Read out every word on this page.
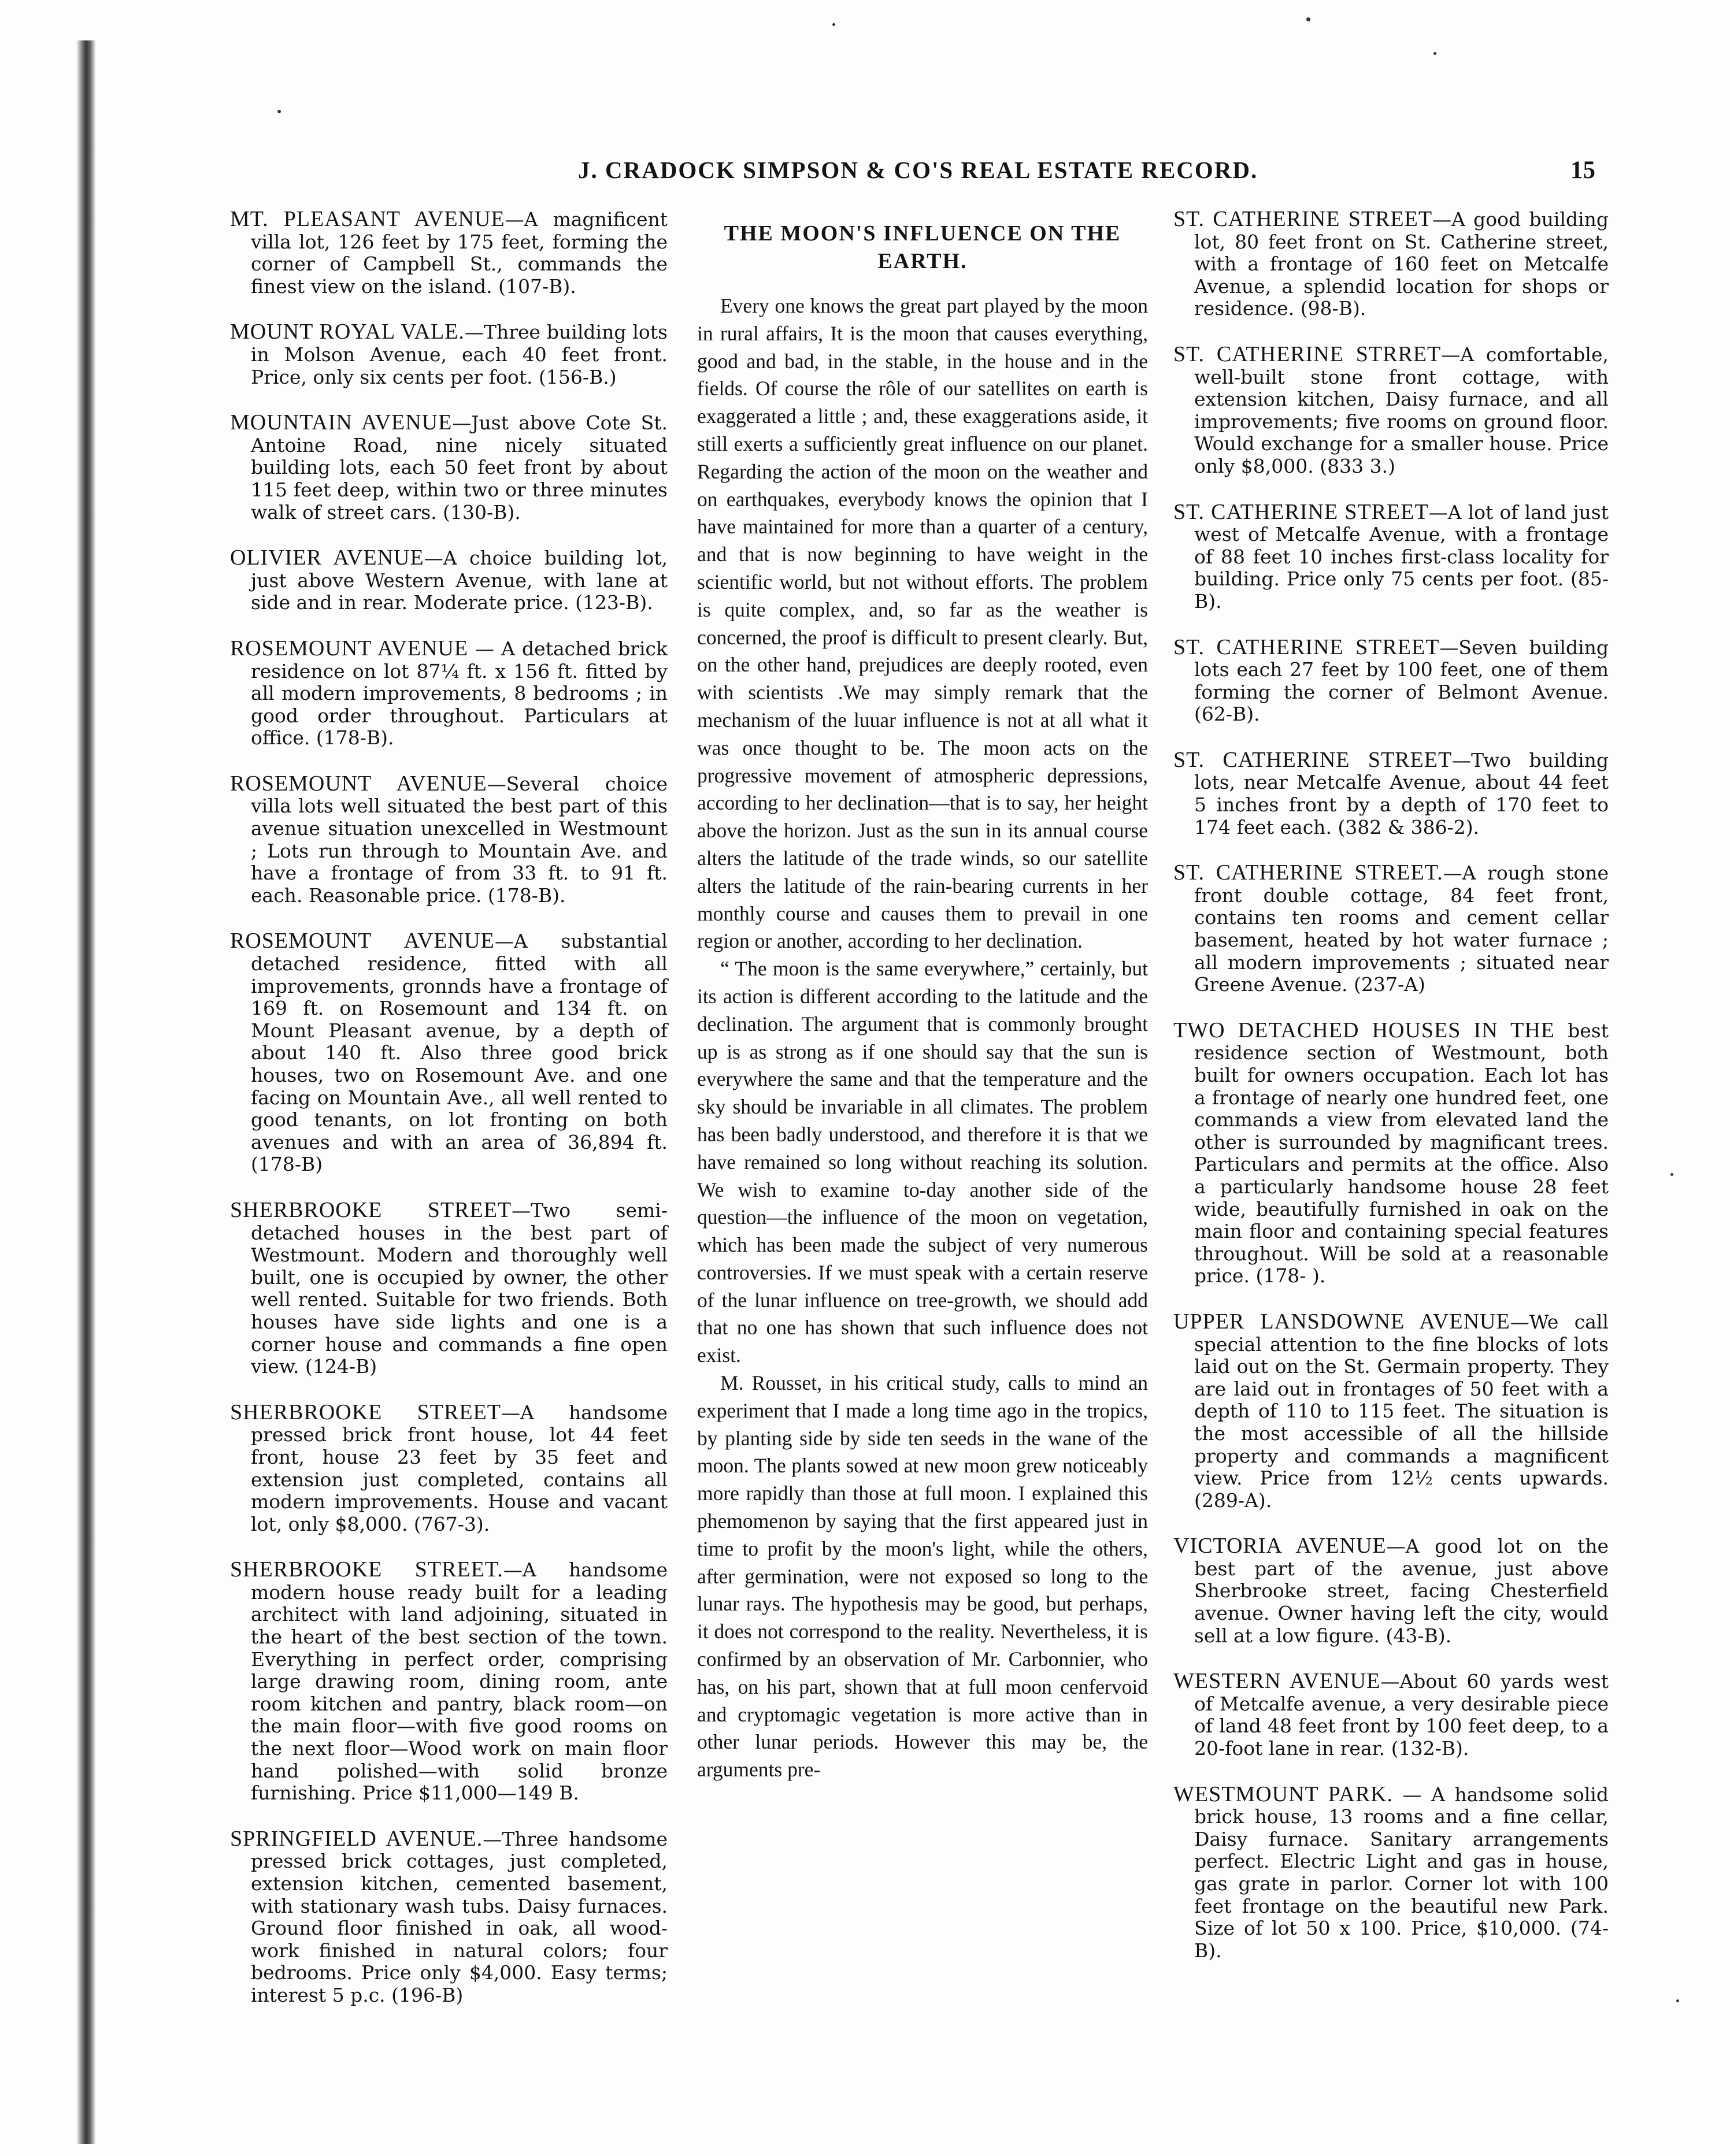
J. CRADOCK SIMPSON & CO'S REAL ESTATE RECORD.	15

MT. PLEASANT AVENUE—A magnificent villa lot, 126 feet by 175 feet, forming the corner of Campbell St., commands the finest view on the island. (107-B).

MOUNT ROYAL VALE.—Three building lots in Molson Avenue, each 40 feet front. Price, only six cents per foot. (156-B.)

MOUNTAIN AVENUE—Just above Cote St. Antoine Road, nine nicely situated building lots, each 50 feet front by about 115 feet deep, within two or three minutes walk of street cars. (130-B).

OLIVIER AVENUE—A choice building lot, just above Western Avenue, with lane at side and in rear. Moderate price. (123-B).

ROSEMOUNT AVENUE — A detached brick residence on lot 87¼ ft. x 156 ft. fitted by all modern improvements, 8 bedrooms ; in good order throughout. Particulars at office. (178-B).

ROSEMOUNT AVENUE—Several choice villa lots well situated the best part of this avenue situation unexcelled in Westmount ; Lots run through to Mountain Ave. and have a frontage of from 33 ft. to 91 ft. each. Reasonable price. (178-B).

ROSEMOUNT AVENUE—A substantial detached residence, fitted with all improvements, gronnds have a frontage of 169 ft. on Rosemount and 134 ft. on Mount Pleasant avenue, by a depth of about 140 ft. Also three good brick houses, two on Rosemount Ave. and one facing on Mountain Ave., all well rented to good tenants, on lot fronting on both avenues and with an area of 36,894 ft. (178-B)

SHERBROOKE STREET—Two semi-detached houses in the best part of Westmount. Modern and thoroughly well built, one is occupied by owner, the other well rented. Suitable for two friends. Both houses have side lights and one is a corner house and commands a fine open view. (124-B)

SHERBROOKE STREET—A handsome pressed brick front house, lot 44 feet front, house 23 feet by 35 feet and extension just completed, contains all modern improvements. House and vacant lot, only $8,000. (767-3).

SHERBROOKE STREET.—A handsome modern house ready built for a leading architect with land adjoining, situated in the heart of the best section of the town. Everything in perfect order, comprising large drawing room, dining room, ante room kitchen and pantry, black room—on the main floor—with five good rooms on the next floor—Wood work on main floor hand polished—with solid bronze furnishing. Price $11,000—149 B.

SPRINGFIELD AVENUE.—Three handsome pressed brick cottages, just completed, extension kitchen, cemented basement, with stationary wash tubs. Daisy furnaces. Ground floor finished in oak, all wood-work finished in natural colors; four bedrooms. Price only $4,000. Easy terms; interest 5 p.c. (196-B)

THE MOON'S INFLUENCE ON THE EARTH.

Every one knows the great part played by the moon in rural affairs, It is the moon that causes everything, good and bad, in the stable, in the house and in the fields. Of course the rôle of our satellites on earth is exaggerated a little ; and, these exaggerations aside, it still exerts a sufficiently great influence on our planet. Regarding the action of the moon on the weather and on earthquakes, everybody knows the opinion that I have maintained for more than a quarter of a century, and that is now beginning to have weight in the scientific world, but not without efforts. The problem is quite complex, and, so far as the weather is concerned, the proof is difficult to present clearly. But, on the other hand, prejudices are deeply rooted, even with scientists .We may simply remark that the mechanism of the luuar influence is not at all what it was once thought to be. The moon acts on the progressive movement of atmospheric depressions, according to her declination—that is to say, her height above the horizon. Just as the sun in its annual course alters the latitude of the trade winds, so our satellite alters the latitude of the rain-bearing currents in her monthly course and causes them to prevail in one region or another, according to her declination.

“ The moon is the same everywhere,” certainly, but its action is different according to the latitude and the declination. The argument that is commonly brought up is as strong as if one should say that the sun is everywhere the same and that the temperature and the sky should be invariable in all climates. The problem has been badly understood, and therefore it is that we have remained so long without reaching its solution. We wish to examine to-day another side of the question—the influence of the moon on vegetation, which has been made the subject of very numerous controversies. If we must speak with a certain reserve of the lunar influence on tree-growth, we should add that no one has shown that such influence does not exist.

M. Rousset, in his critical study, calls to mind an experiment that I made a long time ago in the tropics, by planting side by side ten seeds in the wane of the moon. The plants sowed at new moon grew noticeably more rapidly than those at full moon. I explained this phemomenon by saying that the first appeared just in time to profit by the moon's light, while the others, after germination, were not exposed so long to the lunar rays. The hypothesis may be good, but perhaps, it does not correspond to the reality. Nevertheless, it is confirmed by an observation of Mr. Carbonnier, who has, on his part, shown that at full moon cenfervoid and cryptomagic vegetation is more active than in other lunar periods. However this may be, the arguments pre-

ST. CATHERINE STREET—A good building lot, 80 feet front on St. Catherine street, with a frontage of 160 feet on Metcalfe Avenue, a splendid location for shops or residence. (98-B).

ST. CATHERINE STRRET—A comfortable, well-built stone front cottage, with extension kitchen, Daisy furnace, and all improvements; five rooms on ground floor. Would exchange for a smaller house. Price only $8,000. (833 3.)

ST. CATHERINE STREET—A lot of land just west of Metcalfe Avenue, with a frontage of 88 feet 10 inches first-class locality for building. Price only 75 cents per foot. (85-B).

ST. CATHERINE STREET—Seven building lots each 27 feet by 100 feet, one of them forming the corner of Belmont Avenue. (62-B).

ST. CATHERINE STREET—Two building lots, near Metcalfe Avenue, about 44 feet 5 inches front by a depth of 170 feet to 174 feet each. (382 & 386-2).

ST. CATHERINE STREET.—A rough stone front double cottage, 84 feet front, contains ten rooms and cement cellar basement, heated by hot water furnace ; all modern improvements ; situated near Greene Avenue. (237-A)

TWO DETACHED HOUSES IN THE best residence section of Westmount, both built for owners occupation. Each lot has a frontage of nearly one hundred feet, one commands a view from elevated land the other is surrounded by magnificant trees. Particulars and permits at the office. Also a particularly handsome house 28 feet wide, beautifully furnished in oak on the main floor and containing special features throughout. Will be sold at a reasonable price. (178- ).

UPPER LANSDOWNE AVENUE—We call special attention to the fine blocks of lots laid out on the St. Germain property. They are laid out in frontages of 50 feet with a depth of 110 to 115 feet. The situation is the most accessible of all the hillside property and commands a magnificent view. Price from 12½ cents upwards. (289-A).

VICTORIA AVENUE—A good lot on the best part of the avenue, just above Sherbrooke street, facing Chesterfield avenue. Owner having left the city, would sell at a low figure. (43-B).

WESTERN AVENUE—About 60 yards west of Metcalfe avenue, a very desirable piece of land 48 feet front by 100 feet deep, to a 20-foot lane in rear. (132-B).

WESTMOUNT PARK. — A handsome solid brick house, 13 rooms and a fine cellar, Daisy furnace. Sanitary arrangements perfect. Electric Light and gas in house, gas grate in parlor. Corner lot with 100 feet frontage on the beautiful new Park. Size of lot 50 x 100. Price, $10,000. (74-B).
